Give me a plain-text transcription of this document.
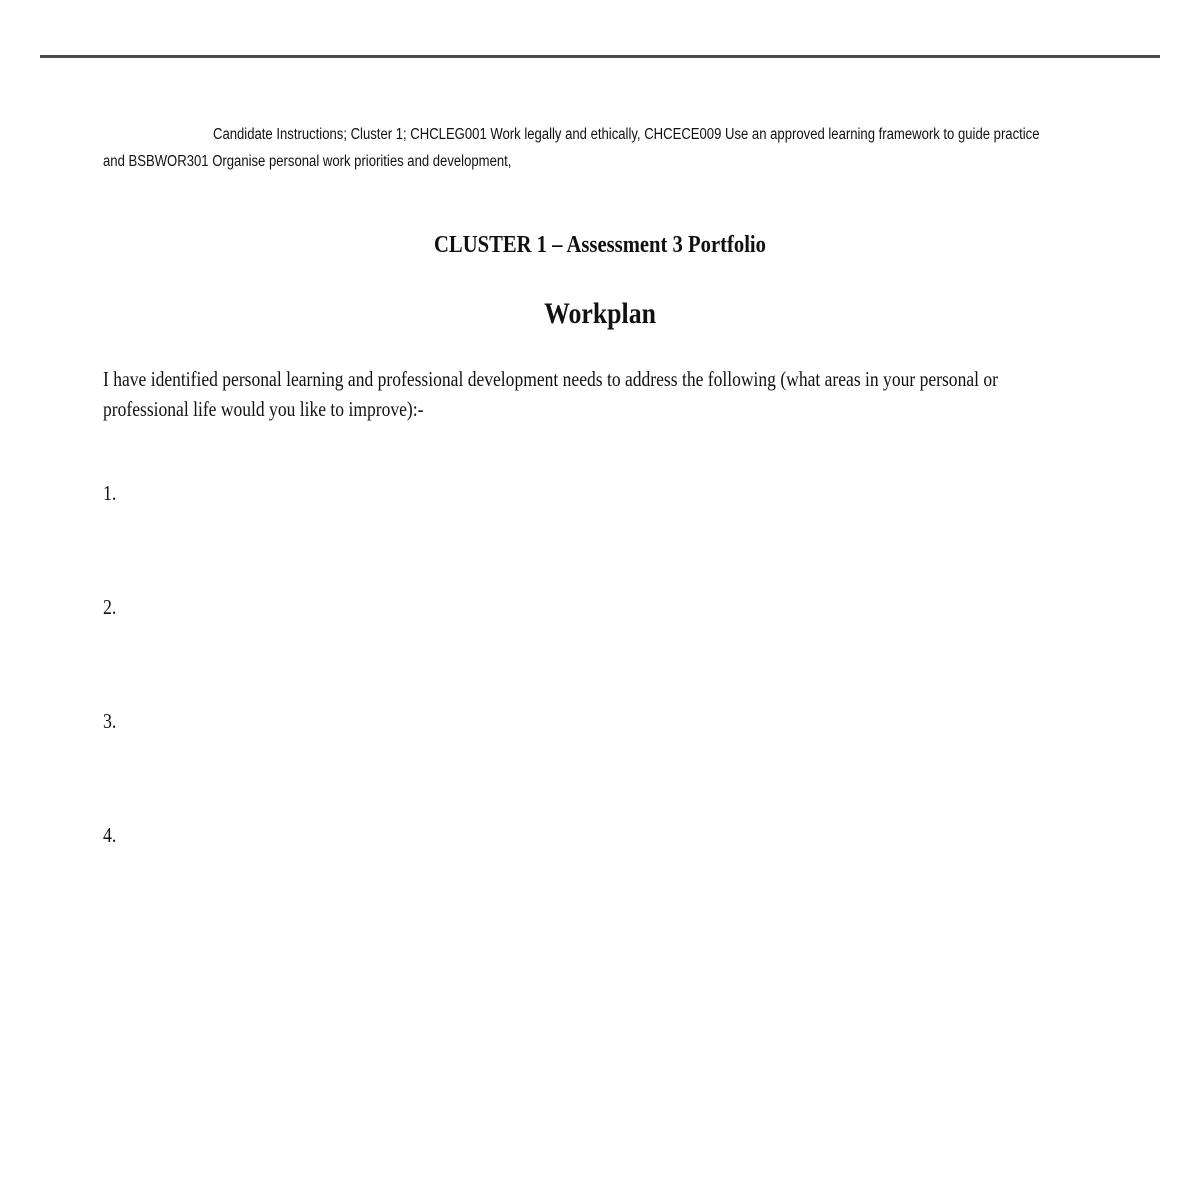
Candidate Instructions; Cluster 1; CHCLEG001 Work legally and ethically, CHCECE009 Use an approved learning framework to guide practice
and BSBWOR301 Organise personal work priorities and development,
CLUSTER 1 – Assessment 3 Portfolio
Workplan
I have identified personal learning and professional development needs to address the following (what areas in your personal or
professional life would you like to improve):-
1.
2.
3.
4.
